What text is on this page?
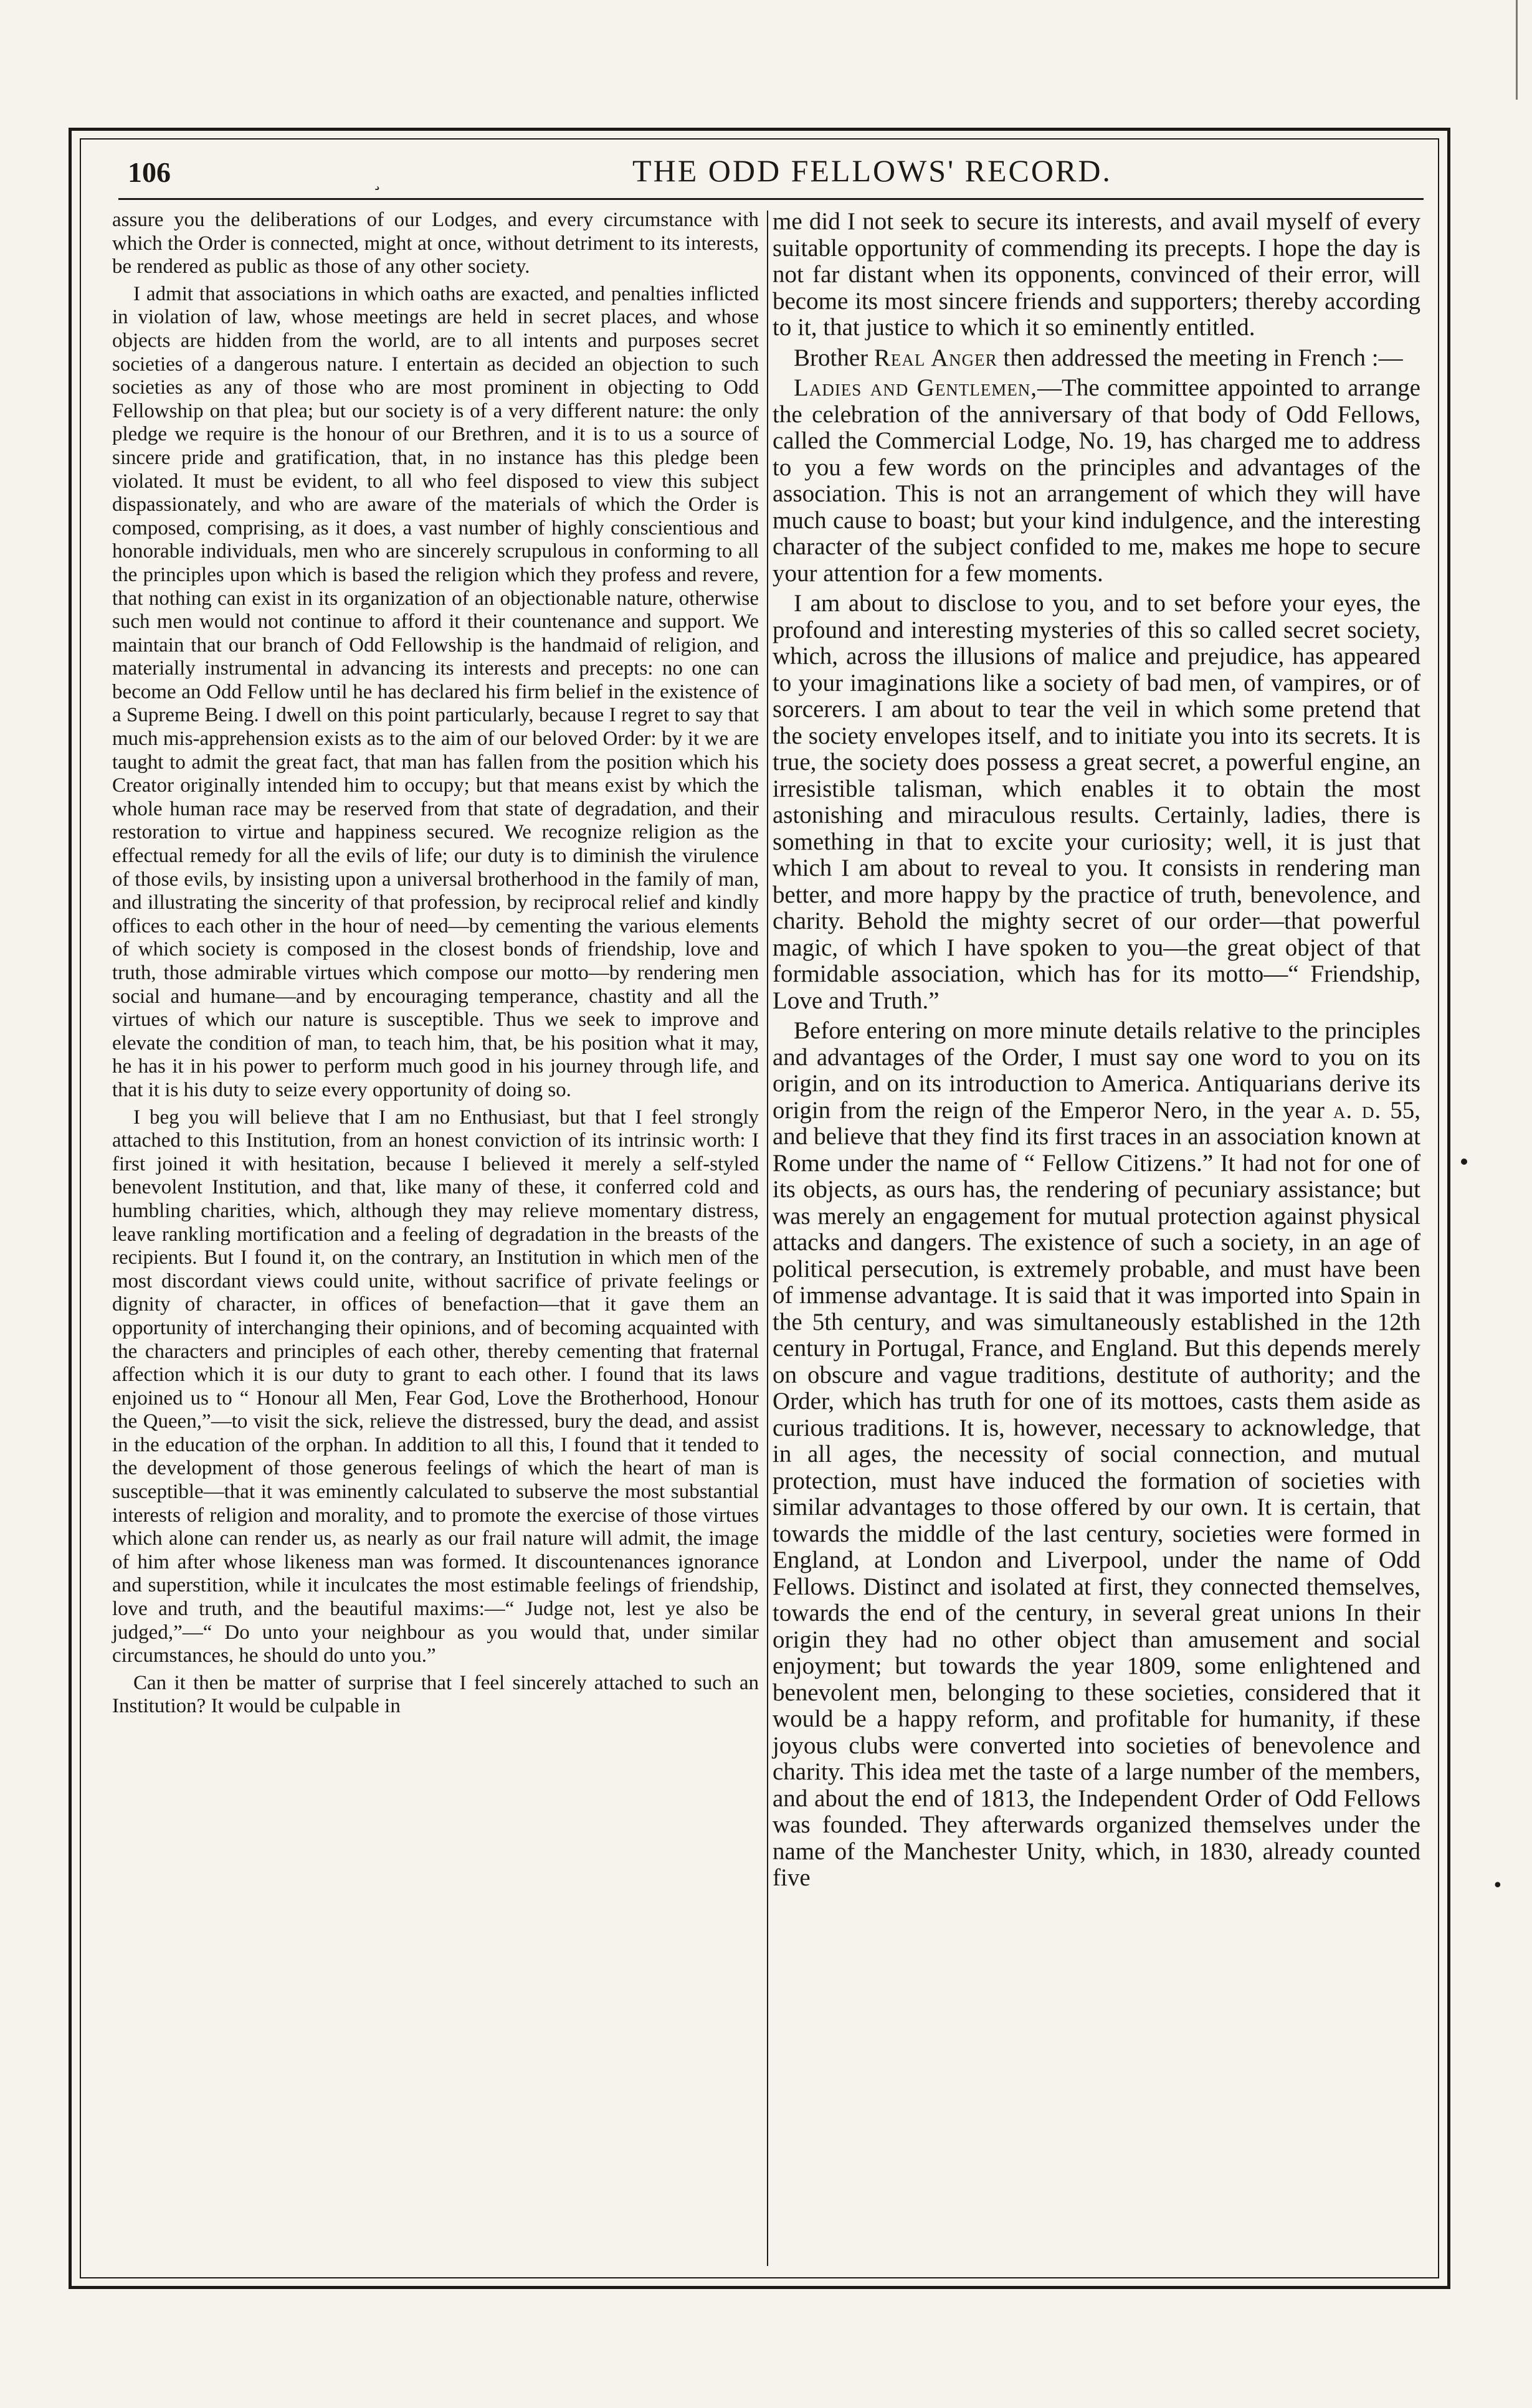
106	¸	THE ODD FELLOWS' RECORD.

assure you the deliberations of our Lodges, and every circumstance with which the Order is connected, might at once, without detriment to its interests, be rendered as public as those of any other society.

I admit that associations in which oaths are exacted, and penalties inflicted in violation of law, whose meetings are held in secret places, and whose objects are hidden from the world, are to all intents and purposes secret societies of a dangerous nature. I entertain as decided an objection to such societies as any of those who are most prominent in objecting to Odd Fellowship on that plea; but our society is of a very different nature: the only pledge we require is the honour of our Brethren, and it is to us a source of sincere pride and gratification, that, in no instance has this pledge been violated. It must be evident, to all who feel disposed to view this subject dispassionately, and who are aware of the materials of which the Order is composed, comprising, as it does, a vast number of highly conscientious and honorable individuals, men who are sincerely scrupulous in conforming to all the principles upon which is based the religion which they profess and revere, that nothing can exist in its organization of an objectionable nature, otherwise such men would not continue to afford it their countenance and support. We maintain that our branch of Odd Fellowship is the handmaid of religion, and materially instrumental in advancing its interests and precepts: no one can become an Odd Fellow until he has declared his firm belief in the existence of a Supreme Being. I dwell on this point particularly, because I regret to say that much mis-apprehension exists as to the aim of our beloved Order: by it we are taught to admit the great fact, that man has fallen from the position which his Creator originally intended him to occupy; but that means exist by which the whole human race may be reserved from that state of degradation, and their restoration to virtue and happiness secured. We recognize religion as the effectual remedy for all the evils of life; our duty is to diminish the virulence of those evils, by insisting upon a universal brotherhood in the family of man, and illustrating the sincerity of that profession, by reciprocal relief and kindly offices to each other in the hour of need—by cementing the various elements of which society is composed in the closest bonds of friendship, love and truth, those admirable virtues which compose our motto—by rendering men social and humane—and by encouraging temperance, chastity and all the virtues of which our nature is susceptible. Thus we seek to improve and elevate the condition of man, to teach him, that, be his position what it may, he has it in his power to perform much good in his journey through life, and that it is his duty to seize every opportunity of doing so.

I beg you will believe that I am no Enthusiast, but that I feel strongly attached to this Institution, from an honest conviction of its intrinsic worth: I first joined it with hesitation, because I believed it merely a self-styled benevolent Institution, and that, like many of these, it conferred cold and humbling charities, which, although they may relieve momentary distress, leave rankling mortification and a feeling of degradation in the breasts of the recipients. But I found it, on the contrary, an Institution in which men of the most discordant views could unite, without sacrifice of private feelings or dignity of character, in offices of benefaction—that it gave them an opportunity of interchanging their opinions, and of becoming acquainted with the characters and principles of each other, thereby cementing that fraternal affection which it is our duty to grant to each other. I found that its laws enjoined us to “ Honour all Men, Fear God, Love the Brotherhood, Honour the Queen,”—to visit the sick, relieve the distressed, bury the dead, and assist in the education of the orphan. In addition to all this, I found that it tended to the development of those generous feelings of which the heart of man is susceptible—that it was eminently calculated to subserve the most substantial interests of religion and morality, and to promote the exercise of those virtues which alone can render us, as nearly as our frail nature will admit, the image of him after whose likeness man was formed. It discountenances ignorance and superstition, while it inculcates the most estimable feelings of friendship, love and truth, and the beautiful maxims:—“ Judge not, lest ye also be judged,”—“ Do unto your neighbour as you would that, under similar circumstances, he should do unto you.”

Can it then be matter of surprise that I feel sincerely attached to such an Institution? It would be culpable in

me did I not seek to secure its interests, and avail myself of every suitable opportunity of commending its precepts. I hope the day is not far distant when its opponents, convinced of their error, will become its most sincere friends and supporters; thereby according to it, that justice to which it so eminently entitled.

Brother Real Anger then addressed the meeting in French :—

Ladies and Gentlemen,—The committee appointed to arrange the celebration of the anniversary of that body of Odd Fellows, called the Commercial Lodge, No. 19, has charged me to address to you a few words on the principles and advantages of the association. This is not an arrangement of which they will have much cause to boast; but your kind indulgence, and the interesting character of the subject confided to me, makes me hope to secure your attention for a few moments.

I am about to disclose to you, and to set before your eyes, the profound and interesting mysteries of this so called secret society, which, across the illusions of malice and prejudice, has appeared to your imaginations like a society of bad men, of vampires, or of sorcerers. I am about to tear the veil in which some pretend that the society envelopes itself, and to initiate you into its secrets. It is true, the society does possess a great secret, a powerful engine, an irresistible talisman, which enables it to obtain the most astonishing and miraculous results. Certainly, ladies, there is something in that to excite your curiosity; well, it is just that which I am about to reveal to you. It consists in rendering man better, and more happy by the practice of truth, benevolence, and charity. Behold the mighty secret of our order—that powerful magic, of which I have spoken to you—the great object of that formidable association, which has for its motto—“ Friendship, Love and Truth.”

Before entering on more minute details relative to the principles and advantages of the Order, I must say one word to you on its origin, and on its introduction to America. Antiquarians derive its origin from the reign of the Emperor Nero, in the year a. d. 55, and believe that they find its first traces in an association known at Rome under the name of “ Fellow Citizens.” It had not for one of its objects, as ours has, the rendering of pecuniary assistance; but was merely an engagement for mutual protection against physical attacks and dangers. The existence of such a society, in an age of political persecution, is extremely probable, and must have been of immense advantage. It is said that it was imported into Spain in the 5th century, and was simultaneously established in the 12th century in Portugal, France, and England. But this depends merely on obscure and vague traditions, destitute of authority; and the Order, which has truth for one of its mottoes, casts them aside as curious traditions. It is, however, necessary to acknowledge, that in all ages, the necessity of social connection, and mutual protection, must have induced the formation of societies with similar advantages to those offered by our own. It is certain, that towards the middle of the last century, societies were formed in England, at London and Liverpool, under the name of Odd Fellows. Distinct and isolated at first, they connected themselves, towards the end of the century, in several great unions In their origin they had no other object than amusement and social enjoyment; but towards the year 1809, some enlightened and benevolent men, belonging to these societies, considered that it would be a happy reform, and profitable for humanity, if these joyous clubs were converted into societies of benevolence and charity. This idea met the taste of a large number of the members, and about the end of 1813, the Independent Order of Odd Fellows was founded. They afterwards organized themselves under the name of the Manchester Unity, which, in 1830, already counted five	•
